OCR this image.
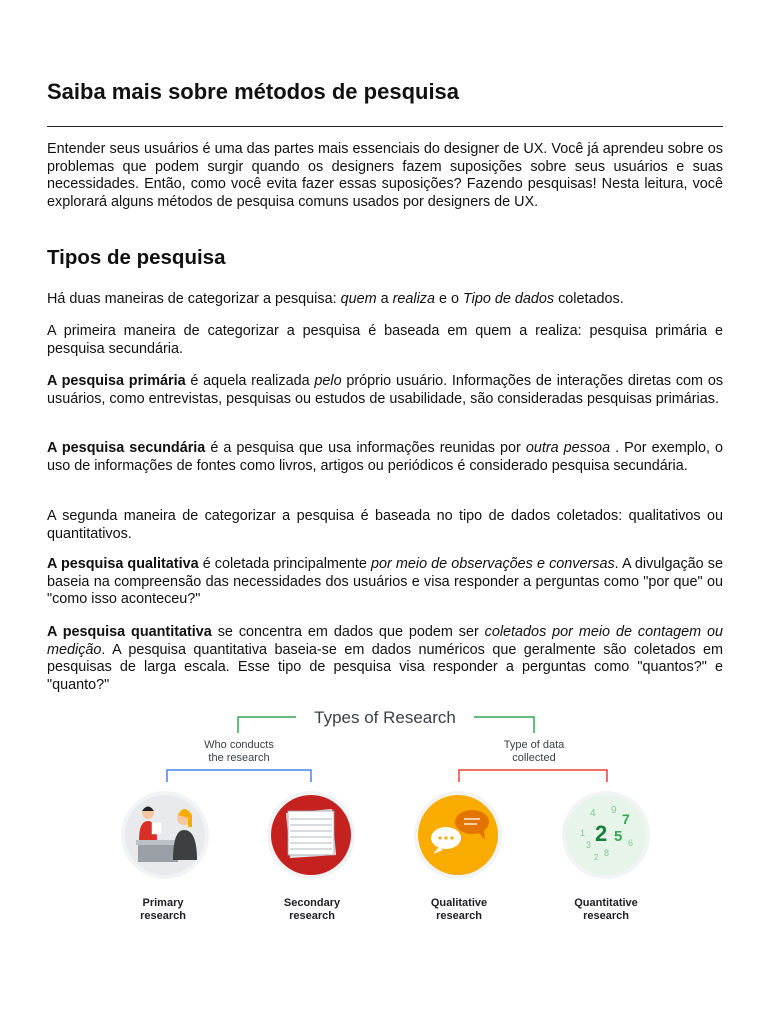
Saiba mais sobre métodos de pesquisa

Entender seus usuários é uma das partes mais essenciais do designer de UX. Você já aprendeu sobre os problemas que podem surgir quando os designers fazem suposições sobre seus usuários e suas necessidades. Então, como você evita fazer essas suposições? Fazendo pesquisas! Nesta leitura, você explorará alguns métodos de pesquisa comuns usados por designers de UX.

Tipos de pesquisa

Há duas maneiras de categorizar a pesquisa: quem a realiza e o Tipo de dados coletados.

A primeira maneira de categorizar a pesquisa é baseada em quem a realiza: pesquisa primária e pesquisa secundária.

A pesquisa primária é aquela realizada pelo próprio usuário. Informações de interações diretas com os usuários, como entrevistas, pesquisas ou estudos de usabilidade, são consideradas pesquisas primárias.

A pesquisa secundária é a pesquisa que usa informações reunidas por outra pessoa . Por exemplo, o uso de informações de fontes como livros, artigos ou periódicos é considerado pesquisa secundária.

A segunda maneira de categorizar a pesquisa é baseada no tipo de dados coletados: qualitativos ou quantitativos.

A pesquisa qualitativa é coletada principalmente por meio de observações e conversas. A divulgação se baseia na compreensão das necessidades dos usuários e visa responder a perguntas como "por que" ou "como isso aconteceu?"

A pesquisa quantitativa se concentra em dados que podem ser coletados por meio de contagem ou medição. A pesquisa quantitativa baseia-se em dados numéricos que geralmente são coletados em pesquisas de larga escala. Esse tipo de pesquisa visa responder a perguntas como "quantos?" e "quanto?"

Types of Research
Who conducts
the research
Type of data
collected
4 9
7
1 2 5
3	6
8
2
Primary
research
Secondary
research
Qualitative
research
Quantitative
research
